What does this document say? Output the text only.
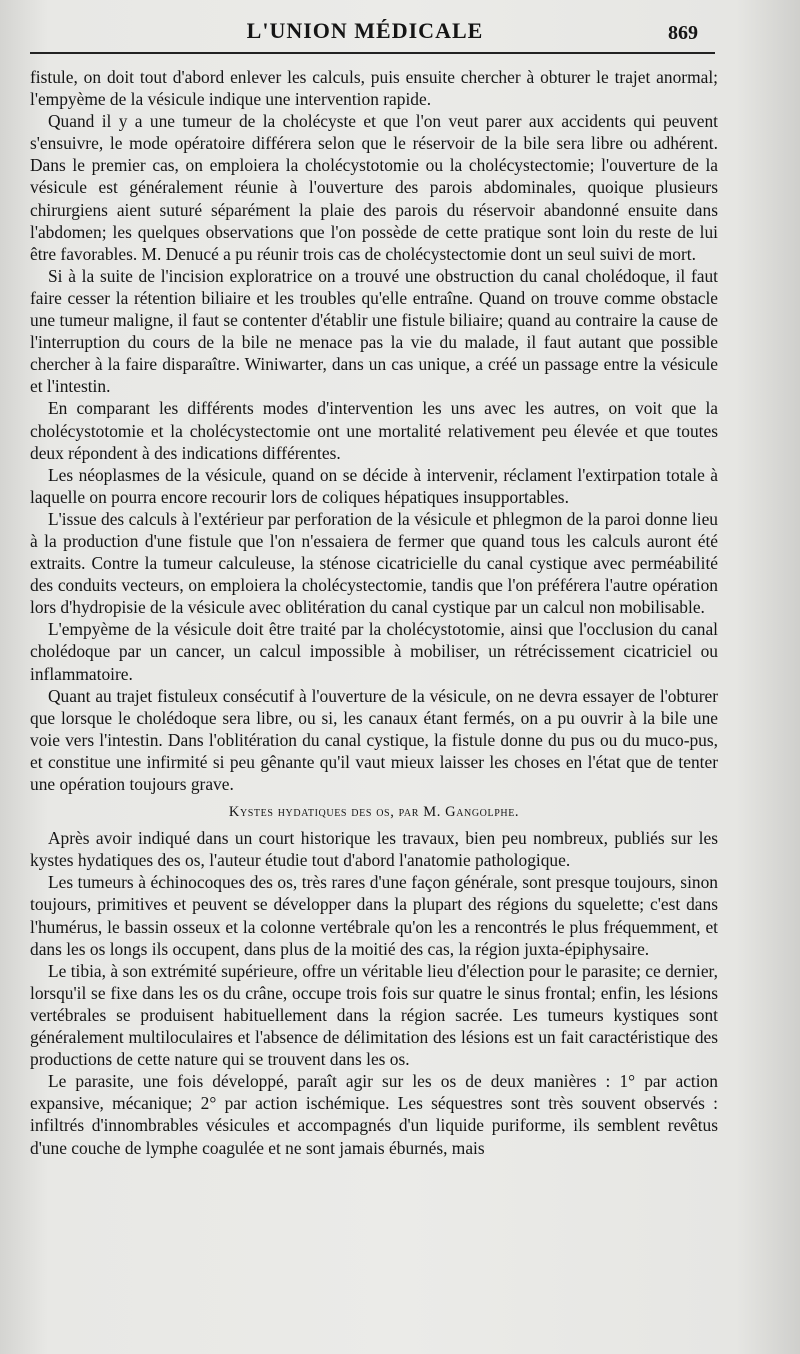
L'UNION MÉDICALE	869

fistule, on doit tout d'abord enlever les calculs, puis ensuite chercher à obturer le trajet anormal; l'empyème de la vésicule indique une intervention rapide.

Quand il y a une tumeur de la cholécyste et que l'on veut parer aux accidents qui peuvent s'ensuivre, le mode opératoire différera selon que le réservoir de la bile sera libre ou adhérent. Dans le premier cas, on emploiera la cholécystotomie ou la cholécystectomie; l'ouverture de la vésicule est généralement réunie à l'ouverture des parois abdominales, quoique plusieurs chirurgiens aient suturé séparément la plaie des parois du réservoir abandonné ensuite dans l'abdomen; les quelques observations que l'on possède de cette pratique sont loin du reste de lui être favorables. M. Denucé a pu réunir trois cas de cholécystectomie dont un seul suivi de mort.

Si à la suite de l'incision exploratrice on a trouvé une obstruction du canal cholédoque, il faut faire cesser la rétention biliaire et les troubles qu'elle entraîne. Quand on trouve comme obstacle une tumeur maligne, il faut se contenter d'établir une fistule biliaire; quand au contraire la cause de l'interruption du cours de la bile ne menace pas la vie du malade, il faut autant que possible chercher à la faire disparaître. Winiwarter, dans un cas unique, a créé un passage entre la vésicule et l'intestin.

En comparant les différents modes d'intervention les uns avec les autres, on voit que la cholécystotomie et la cholécystectomie ont une mortalité relativement peu élevée et que toutes deux répondent à des indications différentes.

Les néoplasmes de la vésicule, quand on se décide à intervenir, réclament l'extirpation totale à laquelle on pourra encore recourir lors de coliques hépatiques insupportables.

L'issue des calculs à l'extérieur par perforation de la vésicule et phlegmon de la paroi donne lieu à la production d'une fistule que l'on n'essaiera de fermer que quand tous les calculs auront été extraits. Contre la tumeur calculeuse, la sténose cicatricielle du canal cystique avec perméabilité des conduits vecteurs, on emploiera la cholécystectomie, tandis que l'on préférera l'autre opération lors d'hydropisie de la vésicule avec oblitération du canal cystique par un calcul non mobilisable.

L'empyème de la vésicule doit être traité par la cholécystotomie, ainsi que l'occlusion du canal cholédoque par un cancer, un calcul impossible à mobiliser, un rétrécissement cicatriciel ou inflammatoire.

Quant au trajet fistuleux consécutif à l'ouverture de la vésicule, on ne devra essayer de l'obturer que lorsque le cholédoque sera libre, ou si, les canaux étant fermés, on a pu ouvrir à la bile une voie vers l'intestin. Dans l'oblitération du canal cystique, la fistule donne du pus ou du muco-pus, et constitue une infirmité si peu gênante qu'il vaut mieux laisser les choses en l'état que de tenter une opération toujours grave.

Kystes hydatiques des os, par M. Gangolphe.

Après avoir indiqué dans un court historique les travaux, bien peu nombreux, publiés sur les kystes hydatiques des os, l'auteur étudie tout d'abord l'anatomie pathologique.

Les tumeurs à échinocoques des os, très rares d'une façon générale, sont presque toujours, sinon toujours, primitives et peuvent se développer dans la plupart des régions du squelette; c'est dans l'humérus, le bassin osseux et la colonne vertébrale qu'on les a rencontrés le plus fréquemment, et dans les os longs ils occupent, dans plus de la moitié des cas, la région juxta-épiphysaire.

Le tibia, à son extrémité supérieure, offre un véritable lieu d'élection pour le parasite; ce dernier, lorsqu'il se fixe dans les os du crâne, occupe trois fois sur quatre le sinus frontal; enfin, les lésions vertébrales se produisent habituellement dans la région sacrée. Les tumeurs kystiques sont généralement multiloculaires et l'absence de délimitation des lésions est un fait caractéristique des productions de cette nature qui se trouvent dans les os.

Le parasite, une fois développé, paraît agir sur les os de deux manières : 1° par action expansive, mécanique; 2° par action ischémique. Les séquestres sont très souvent observés : infiltrés d'innombrables vésicules et accompagnés d'un liquide puriforme, ils semblent revêtus d'une couche de lymphe coagulée et ne sont jamais éburnés, mais
